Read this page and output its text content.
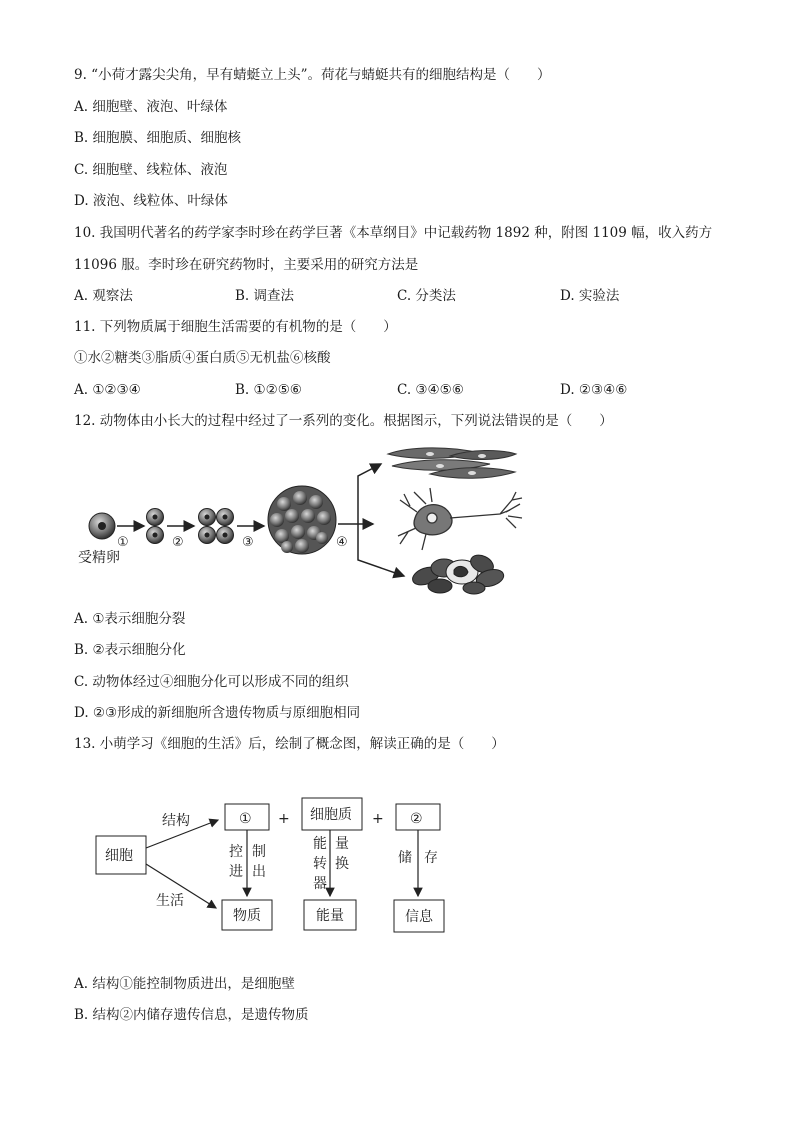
9. “小荷才露尖尖角，早有蜻蜓立上头”。荷花与蜻蜓共有的细胞结构是（　　）
A. 细胞壁、液泡、叶绿体
B. 细胞膜、细胞质、细胞核
C. 细胞壁、线粒体、液泡
D. 液泡、线粒体、叶绿体
10. 我国明代著名的药学家李时珍在药学巨著《本草纲目》中记载药物 1892 种，附图 1109 幅，收入药方
11096 服。李时珍在研究药物时，主要采用的研究方法是
A. 观察法	B. 调查法	C. 分类法	D. 实验法
11. 下列物质属于细胞生活需要的有机物的是（　　）
①水②糖类③脂质④蛋白质⑤无机盐⑥核酸
A. ①②③④	B. ①②⑤⑥	C. ③④⑤⑥	D. ②③④⑥
12. 动物体由小长大的过程中经过了一系列的变化。根据图示，下列说法错误的是（　　）
受精卵
①	②	③	④
A. ①表示细胞分裂
B. ②表示细胞分化
C. 动物体经过④细胞分化可以形成不同的组织
D. ②③形成的新细胞所含遗传物质与原细胞相同
13. 小萌学习《细胞的生活》后，绘制了概念图，解读正确的是（　　）
细胞
结构
生活
① + 细胞质 + ②
控进
制出
能转器
量换	储 存
物质	能量	信息
A. 结构①能控制物质进出，是细胞壁
B. 结构②内储存遗传信息，是遗传物质
